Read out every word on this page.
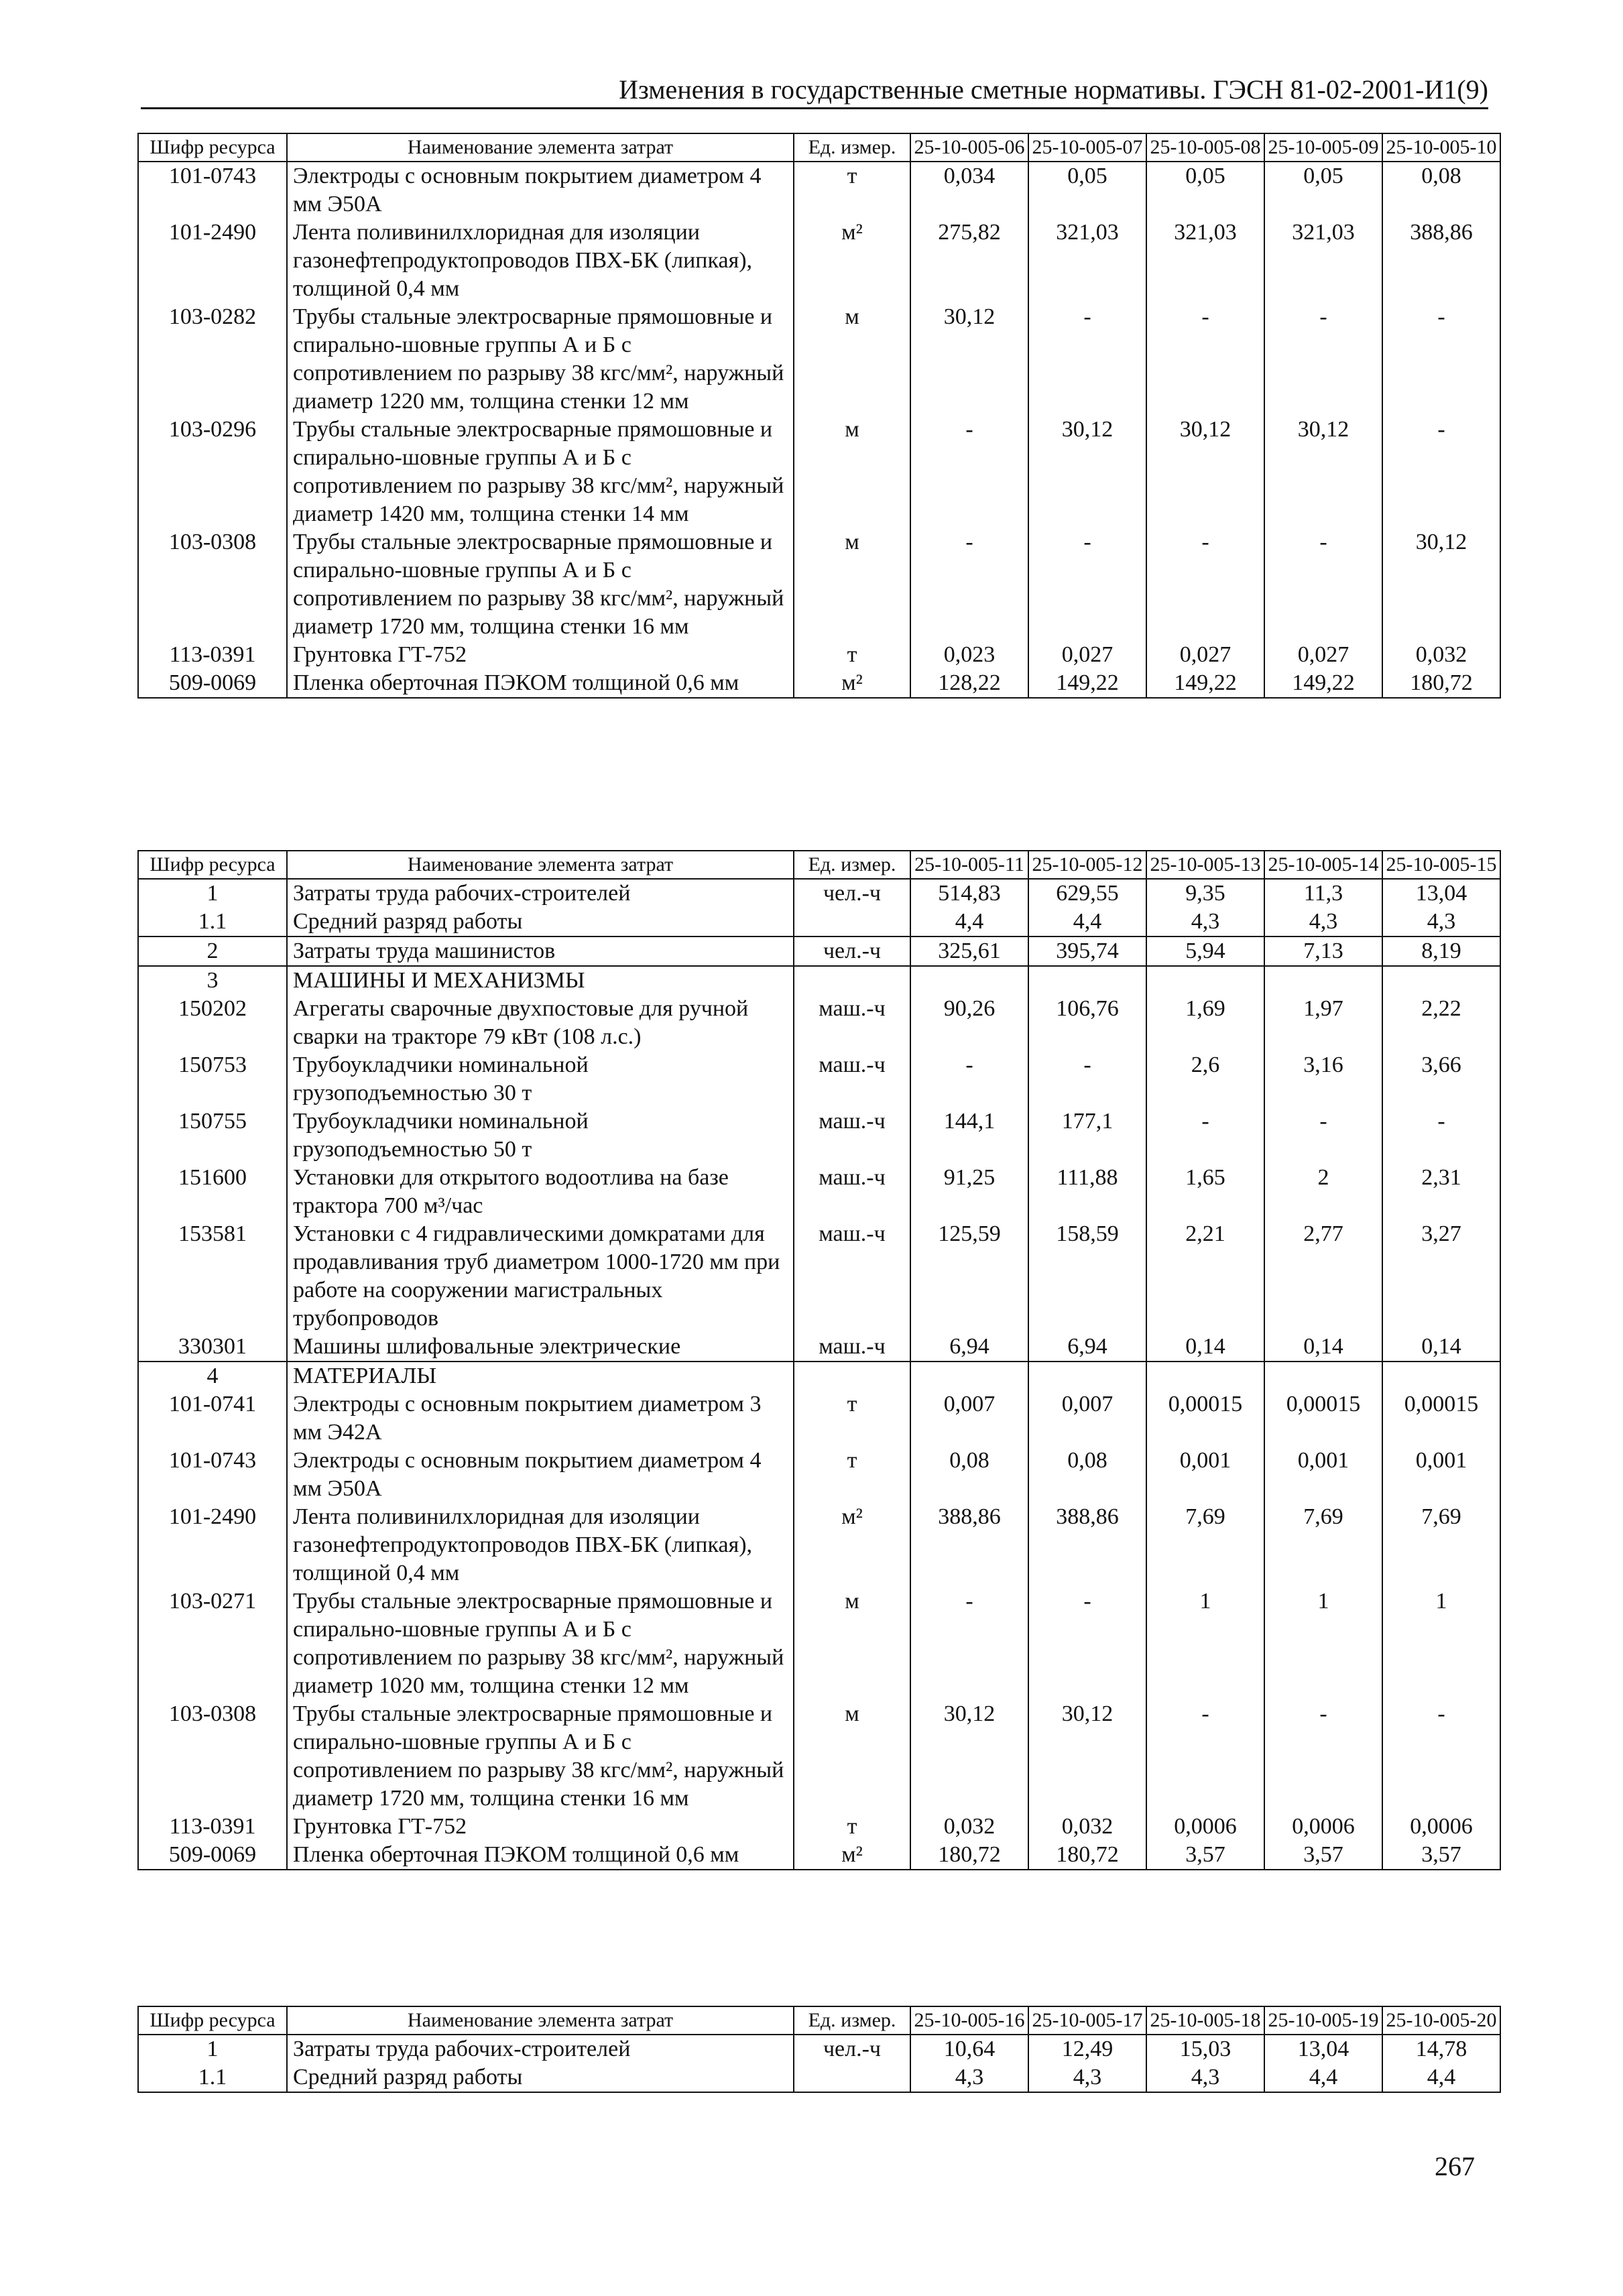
Изменения в государственные сметные нормативы. ГЭСН 81-02-2001-И1(9)
Шифр ресурса	Наименование элемента затрат	Ед. измер.	25-10-005-06	25-10-005-07	25-10-005-08	25-10-005-09	25-10-005-10
101-0743	Электроды с основным покрытием диаметром 4 мм Э50А	т	0,034	0,05	0,05	0,05	0,08
101-2490	Лента поливинилхлоридная для изоляции газонефтепродуктопроводов ПВХ-БК (липкая), толщиной 0,4 мм	м²	275,82	321,03	321,03	321,03	388,86
103-0282	Трубы стальные электросварные прямошовные и спирально-шовные группы А и Б с сопротивлением по разрыву 38 кгс/мм², наружный диаметр 1220 мм, толщина стенки 12 мм	м	30,12	-	-	-	-
103-0296	Трубы стальные электросварные прямошовные и спирально-шовные группы А и Б с сопротивлением по разрыву 38 кгс/мм², наружный диаметр 1420 мм, толщина стенки 14 мм	м	-	30,12	30,12	30,12	-
103-0308	Трубы стальные электросварные прямошовные и спирально-шовные группы А и Б с сопротивлением по разрыву 38 кгс/мм², наружный диаметр 1720 мм, толщина стенки 16 мм	м	-	-	-	-	30,12
113-0391	Грунтовка ГТ-752	т	0,023	0,027	0,027	0,027	0,032
509-0069	Пленка оберточная ПЭКОМ толщиной 0,6 мм	м²	128,22	149,22	149,22	149,22	180,72
Шифр ресурса	Наименование элемента затрат	Ед. измер.	25-10-005-11	25-10-005-12	25-10-005-13	25-10-005-14	25-10-005-15
1	Затраты труда рабочих-строителей	чел.-ч	514,83	629,55	9,35	11,3	13,04
1.1	Средний разряд работы		4,4	4,4	4,3	4,3	4,3
2	Затраты труда машинистов	чел.-ч	325,61	395,74	5,94	7,13	8,19
3	МАШИНЫ И МЕХАНИЗМЫ						
150202	Агрегаты сварочные двухпостовые для ручной сварки на тракторе 79 кВт (108 л.с.)	маш.-ч	90,26	106,76	1,69	1,97	2,22
150753	Трубоукладчики номинальной грузоподъемностью 30 т	маш.-ч	-	-	2,6	3,16	3,66
150755	Трубоукладчики номинальной грузоподъемностью 50 т	маш.-ч	144,1	177,1	-	-	-
151600	Установки для открытого водоотлива на базе трактора 700 м³/час	маш.-ч	91,25	111,88	1,65	2	2,31
153581	Установки с 4 гидравлическими домкратами для продавливания труб диаметром 1000-1720 мм при работе на сооружении магистральных трубопроводов	маш.-ч	125,59	158,59	2,21	2,77	3,27
330301	Машины шлифовальные электрические	маш.-ч	6,94	6,94	0,14	0,14	0,14
4	МАТЕРИАЛЫ						
101-0741	Электроды с основным покрытием диаметром 3 мм Э42А	т	0,007	0,007	0,00015	0,00015	0,00015
101-0743	Электроды с основным покрытием диаметром 4 мм Э50А	т	0,08	0,08	0,001	0,001	0,001
101-2490	Лента поливинилхлоридная для изоляции газонефтепродуктопроводов ПВХ-БК (липкая), толщиной 0,4 мм	м²	388,86	388,86	7,69	7,69	7,69
103-0271	Трубы стальные электросварные прямошовные и спирально-шовные группы А и Б с сопротивлением по разрыву 38 кгс/мм², наружный диаметр 1020 мм, толщина стенки 12 мм	м	-	-	1	1	1
103-0308	Трубы стальные электросварные прямошовные и спирально-шовные группы А и Б с сопротивлением по разрыву 38 кгс/мм², наружный диаметр 1720 мм, толщина стенки 16 мм	м	30,12	30,12	-	-	-
113-0391	Грунтовка ГТ-752	т	0,032	0,032	0,0006	0,0006	0,0006
509-0069	Пленка оберточная ПЭКОМ толщиной 0,6 мм	м²	180,72	180,72	3,57	3,57	3,57
Шифр ресурса	Наименование элемента затрат	Ед. измер.	25-10-005-16	25-10-005-17	25-10-005-18	25-10-005-19	25-10-005-20
1	Затраты труда рабочих-строителей	чел.-ч	10,64	12,49	15,03	13,04	14,78
1.1	Средний разряд работы		4,3	4,3	4,3	4,4	4,4
267
